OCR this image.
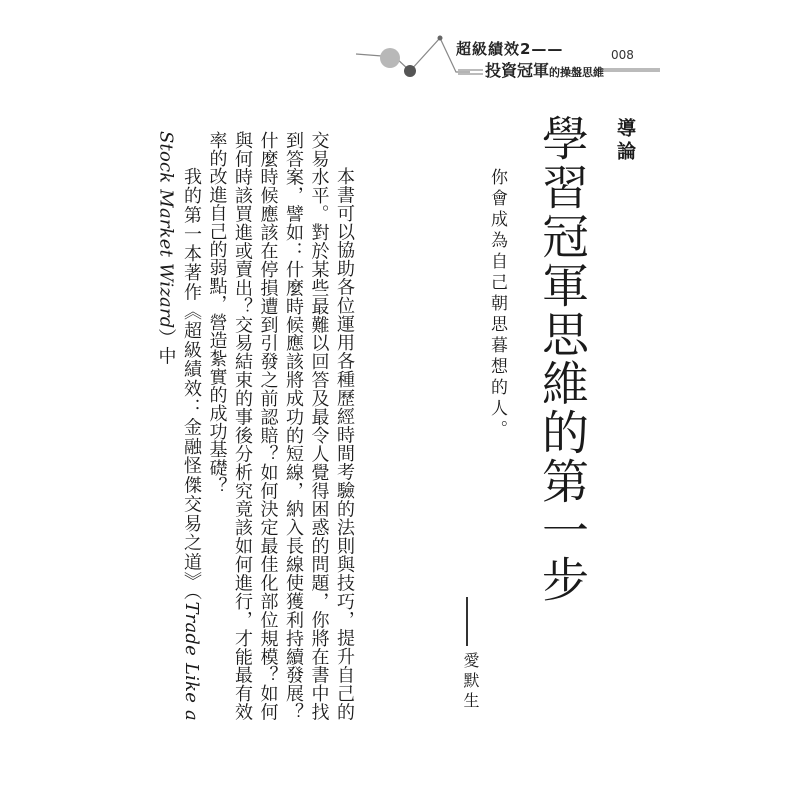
超級績效2——
投資冠軍的操盤思維
008
導論
學習冠軍思維的第一步
你會成為自己朝思暮想的人。
愛默生

本書可以協助各位運用各種歷經時間考驗的法則與技巧，提升自己的交易水平。對於某些最難以回答及最令人覺得困惑的問題，你將在書中找到答案，譬如：什麼時候應該將成功的短線，納入長線使獲利持續發展？什麼時候應該在停損遭到引發之前認賠？如何決定最佳化部位規模？如何與何時該買進或賣出？交易結束的事後分析究竟該如何進行，才能最有效率的改進自己的弱點，營造紮實的成功基礎？

我的第一本著作《超級績效：金融怪傑交易之道》（Trade Like a Stock Market Wizard）中
